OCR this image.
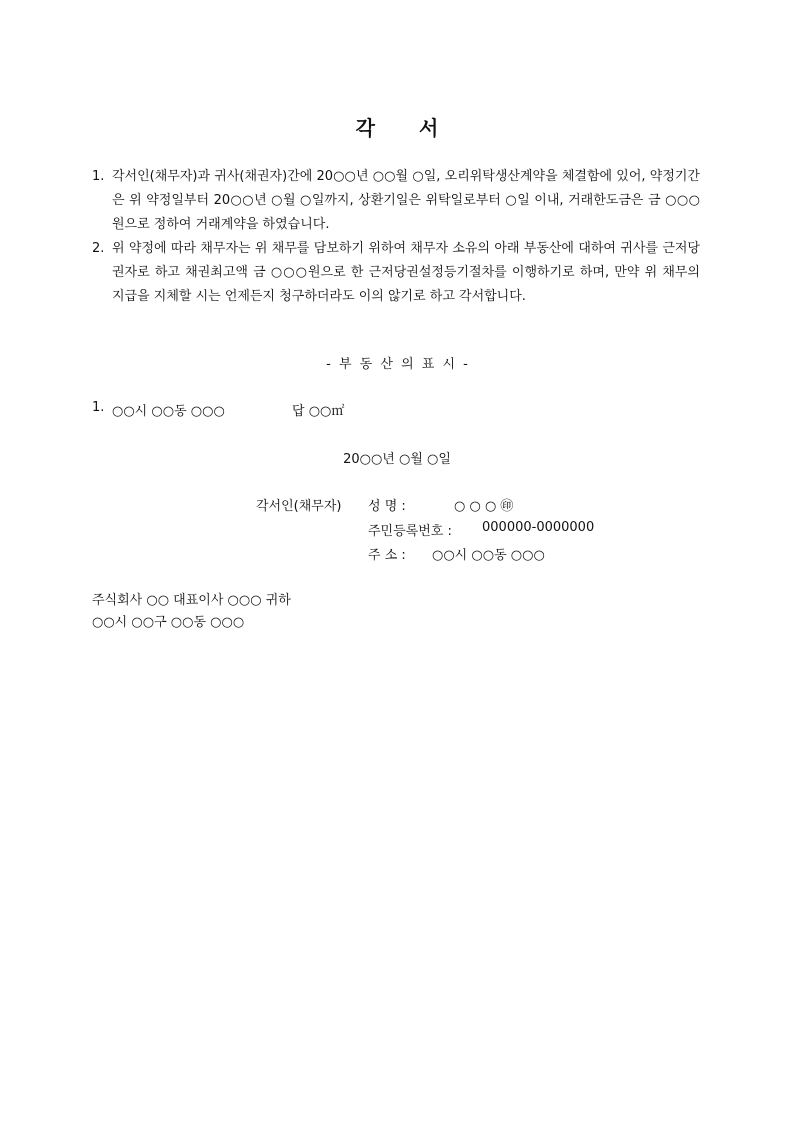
각 서
1. 각서인(채무자)과 귀사(채권자)간에 20○○년 ○○월 ○일, 오리위탁생산계약을 체결함에 있어, 약정기간은 위 약정일부터 20○○년 ○월 ○일까지, 상환기일은 위탁일로부터 ○일 이내, 거래한도금은 금 ○○○원으로 정하여 거래계약을 하였습니다.
2. 위 약정에 따라 채무자는 위 채무를 담보하기 위하여 채무자 소유의 아래 부동산에 대하여 귀사를 근저당권자로 하고 채권최고액 금 ○○○원으로 한 근저당권설정등기절차를 이행하기로 하며, 만약 위 채무의 지급을 지체할 시는 언제든지 청구하더라도 이의 않기로 하고 각서합니다.
- 부 동 산 의 표 시 -
1. ○○시 ○○동 ○○○	답 ○○㎡
20○○년 ○월 ○일
각서인(채무자)	성 명 :	○ ○ ○ ㊞
주민등록번호 :	000000-0000000
주 소 :	○○시 ○○동 ○○○
주식회사 ○○ 대표이사 ○○○ 귀하
○○시 ○○구 ○○동 ○○○
